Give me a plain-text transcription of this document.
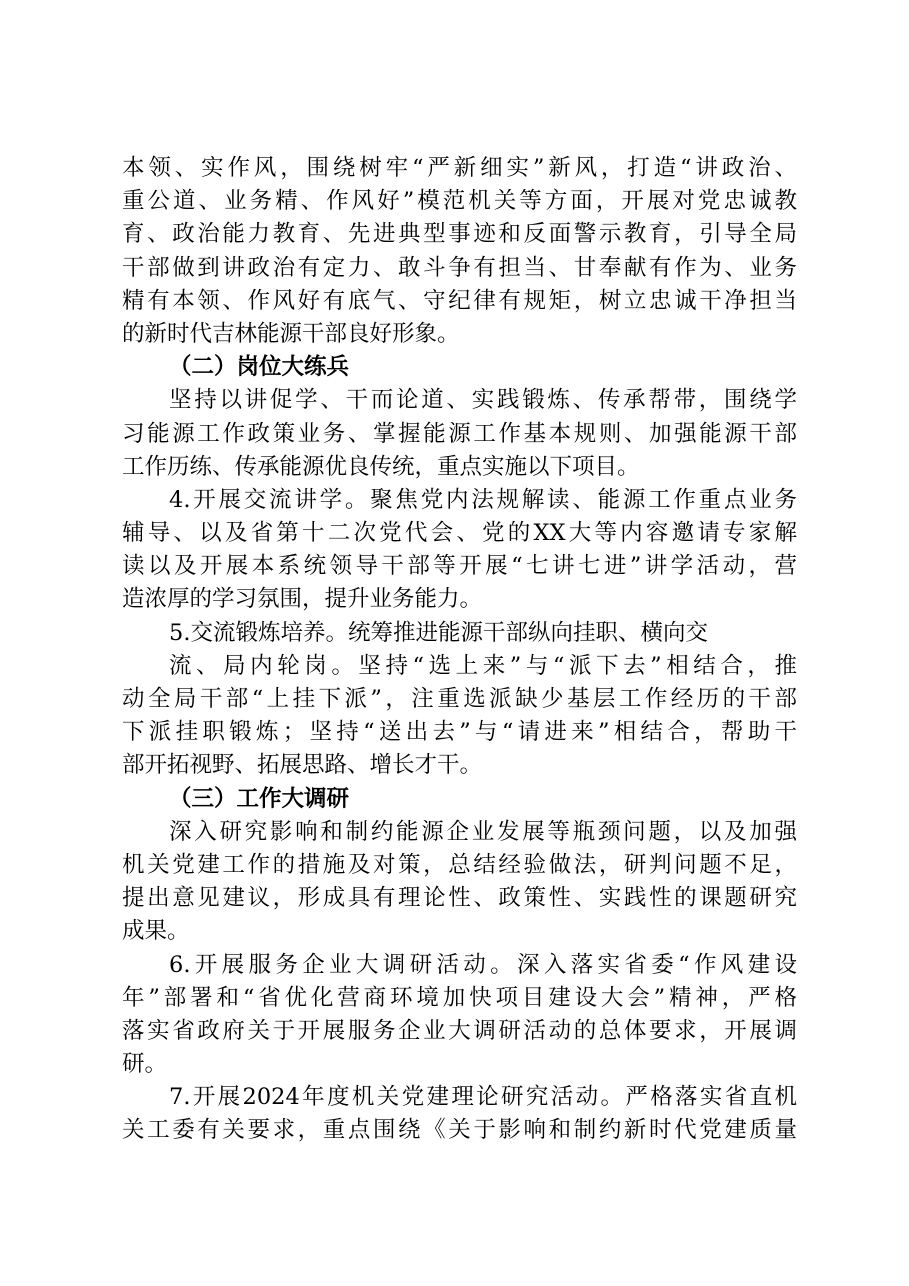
本领、实作风，围绕树牢“严新细实”新风，打造“讲政治、
重公道、业务精、作风好”模范机关等方面，开展对党忠诚教
育、政治能力教育、先进典型事迹和反面警示教育，引导全局
干部做到讲政治有定力、敢斗争有担当、甘奉献有作为、业务
精有本领、作风好有底气、守纪律有规矩，树立忠诚干净担当
的新时代吉林能源干部良好形象。
（二）岗位大练兵
坚持以讲促学、干而论道、实践锻炼、传承帮带，围绕学
习能源工作政策业务、掌握能源工作基本规则、加强能源干部
工作历练、传承能源优良传统，重点实施以下项目。
4.开展交流讲学。聚焦党内法规解读、能源工作重点业务
辅导、以及省第十二次党代会、党的XX大等内容邀请专家解
读以及开展本系统领导干部等开展“七讲七进”讲学活动，营
造浓厚的学习氛围，提升业务能力。
5.交流锻炼培养。统筹推进能源干部纵向挂职、横向交
流、局内轮岗。坚持“选上来”与“派下去”相结合，推
动全局干部“上挂下派”，注重选派缺少基层工作经历的干部
下派挂职锻炼；坚持“送出去”与“请进来”相结合，帮助干
部开拓视野、拓展思路、增长才干。
（三）工作大调研
深入研究影响和制约能源企业发展等瓶颈问题，以及加强
机关党建工作的措施及对策，总结经验做法，研判问题不足，
提出意见建议，形成具有理论性、政策性、实践性的课题研究
成果。
6.开展服务企业大调研活动。深入落实省委“作风建设
年”部署和“省优化营商环境加快项目建设大会”精神，严格
落实省政府关于开展服务企业大调研活动的总体要求，开展调
研。
7.开展2024年度机关党建理论研究活动。严格落实省直机
关工委有关要求，重点围绕《关于影响和制约新时代党建质量
